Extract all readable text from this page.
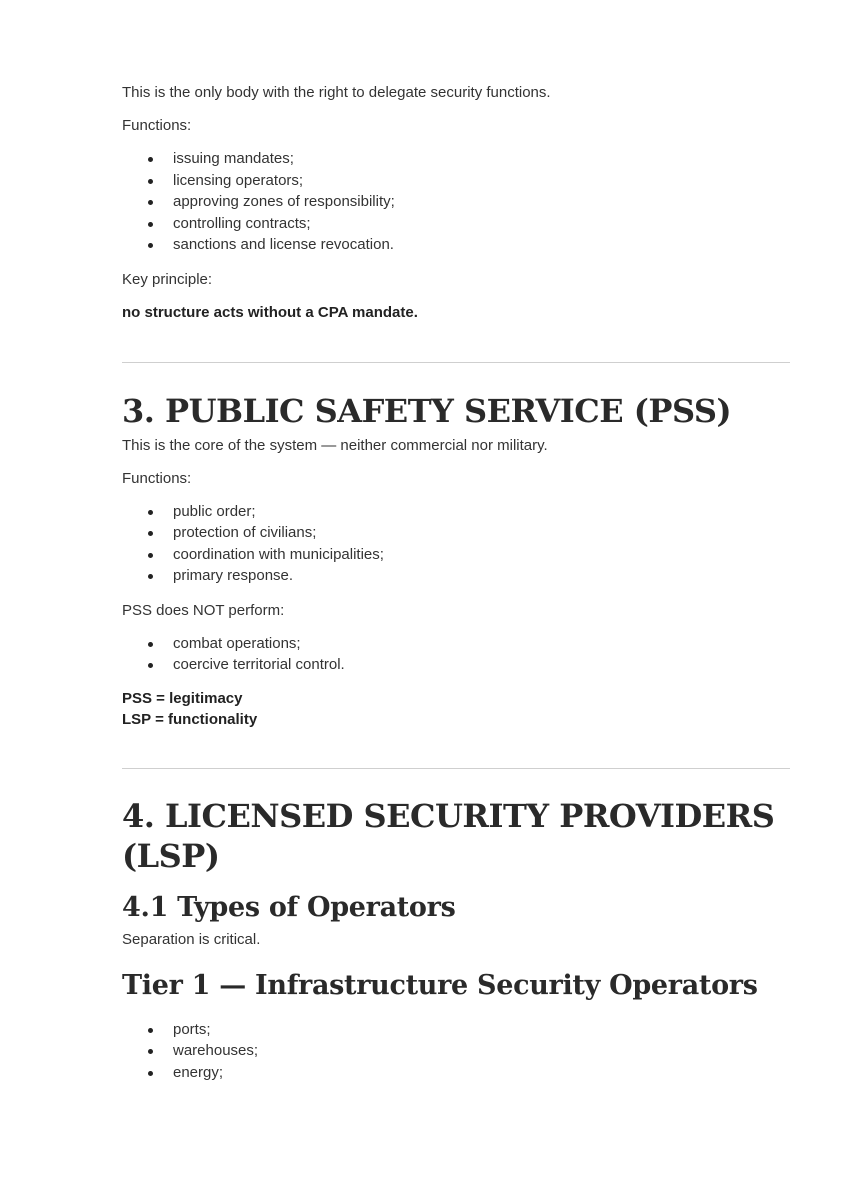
This is the only body with the right to delegate security functions.

Functions:

issuing mandates;
licensing operators;
approving zones of responsibility;
controlling contracts;
sanctions and license revocation.

Key principle:

no structure acts without a CPA mandate.

3. PUBLIC SAFETY SERVICE (PSS)

This is the core of the system — neither commercial nor military.

Functions:

public order;
protection of civilians;
coordination with municipalities;
primary response.

PSS does NOT perform:

combat operations;
coercive territorial control.

PSS = legitimacy

LSP = functionality

4. LICENSED SECURITY PROVIDERS (LSP)
4.1 Types of Operators

Separation is critical.

Tier 1 — Infrastructure Security Operators
ports;
warehouses;
energy;
